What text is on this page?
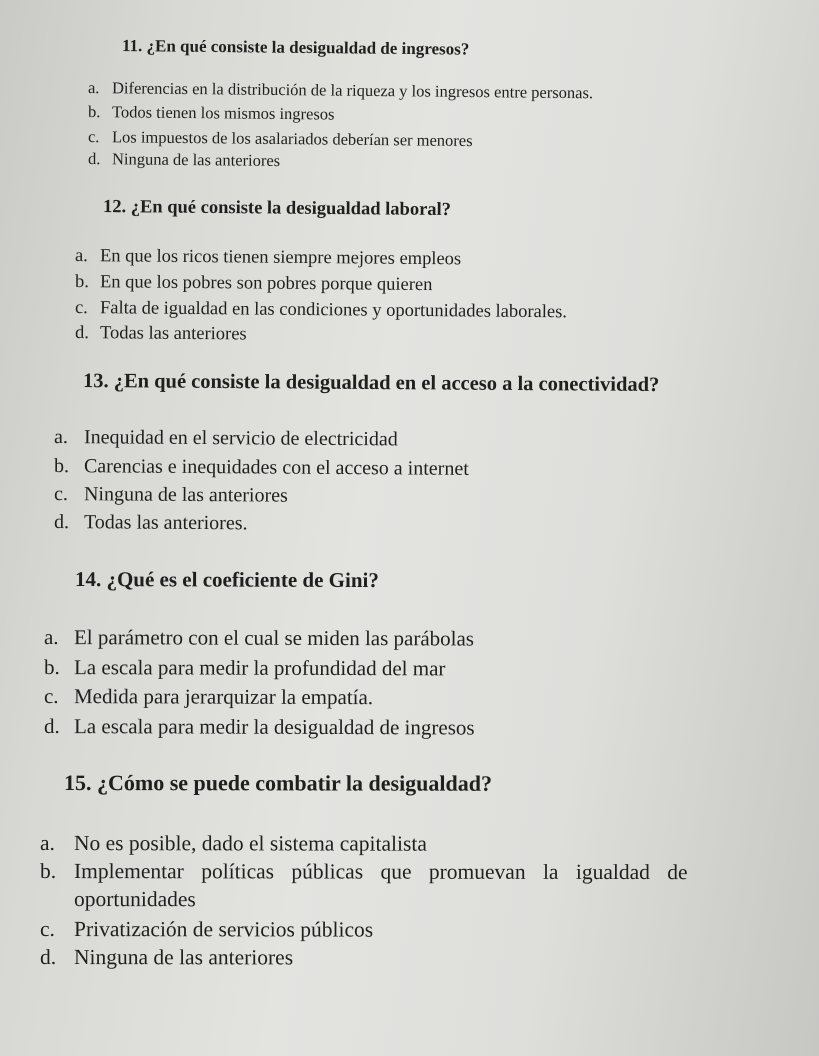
11. ¿En qué consiste la desigualdad de ingresos?

a. Diferencias en la distribución de la riqueza y los ingresos entre personas.

b. Todos tienen los mismos ingresos

c. Los impuestos de los asalariados deberían ser menores

d. Ninguna de las anteriores

12. ¿En qué consiste la desigualdad laboral?

a. En que los ricos tienen siempre mejores empleos

b. En que los pobres son pobres porque quieren

c. Falta de igualdad en las condiciones y oportunidades laborales.

d. Todas las anteriores

13. ¿En qué consiste la desigualdad en el acceso a la conectividad?

a. Inequidad en el servicio de electricidad

b. Carencias e inequidades con el acceso a internet

c. Ninguna de las anteriores

d. Todas las anteriores.

14. ¿Qué es el coeficiente de Gini?

a. El parámetro con el cual se miden las parábolas

b. La escala para medir la profundidad del mar

c. Medida para jerarquizar la empatía.

d. La escala para medir la desigualdad de ingresos

15. ¿Cómo se puede combatir la desigualdad?

a. No es posible, dado el sistema capitalista

b. Implementar políticas públicas que promuevan la igualdad de

oportunidades

c. Privatización de servicios públicos

d. Ninguna de las anteriores
